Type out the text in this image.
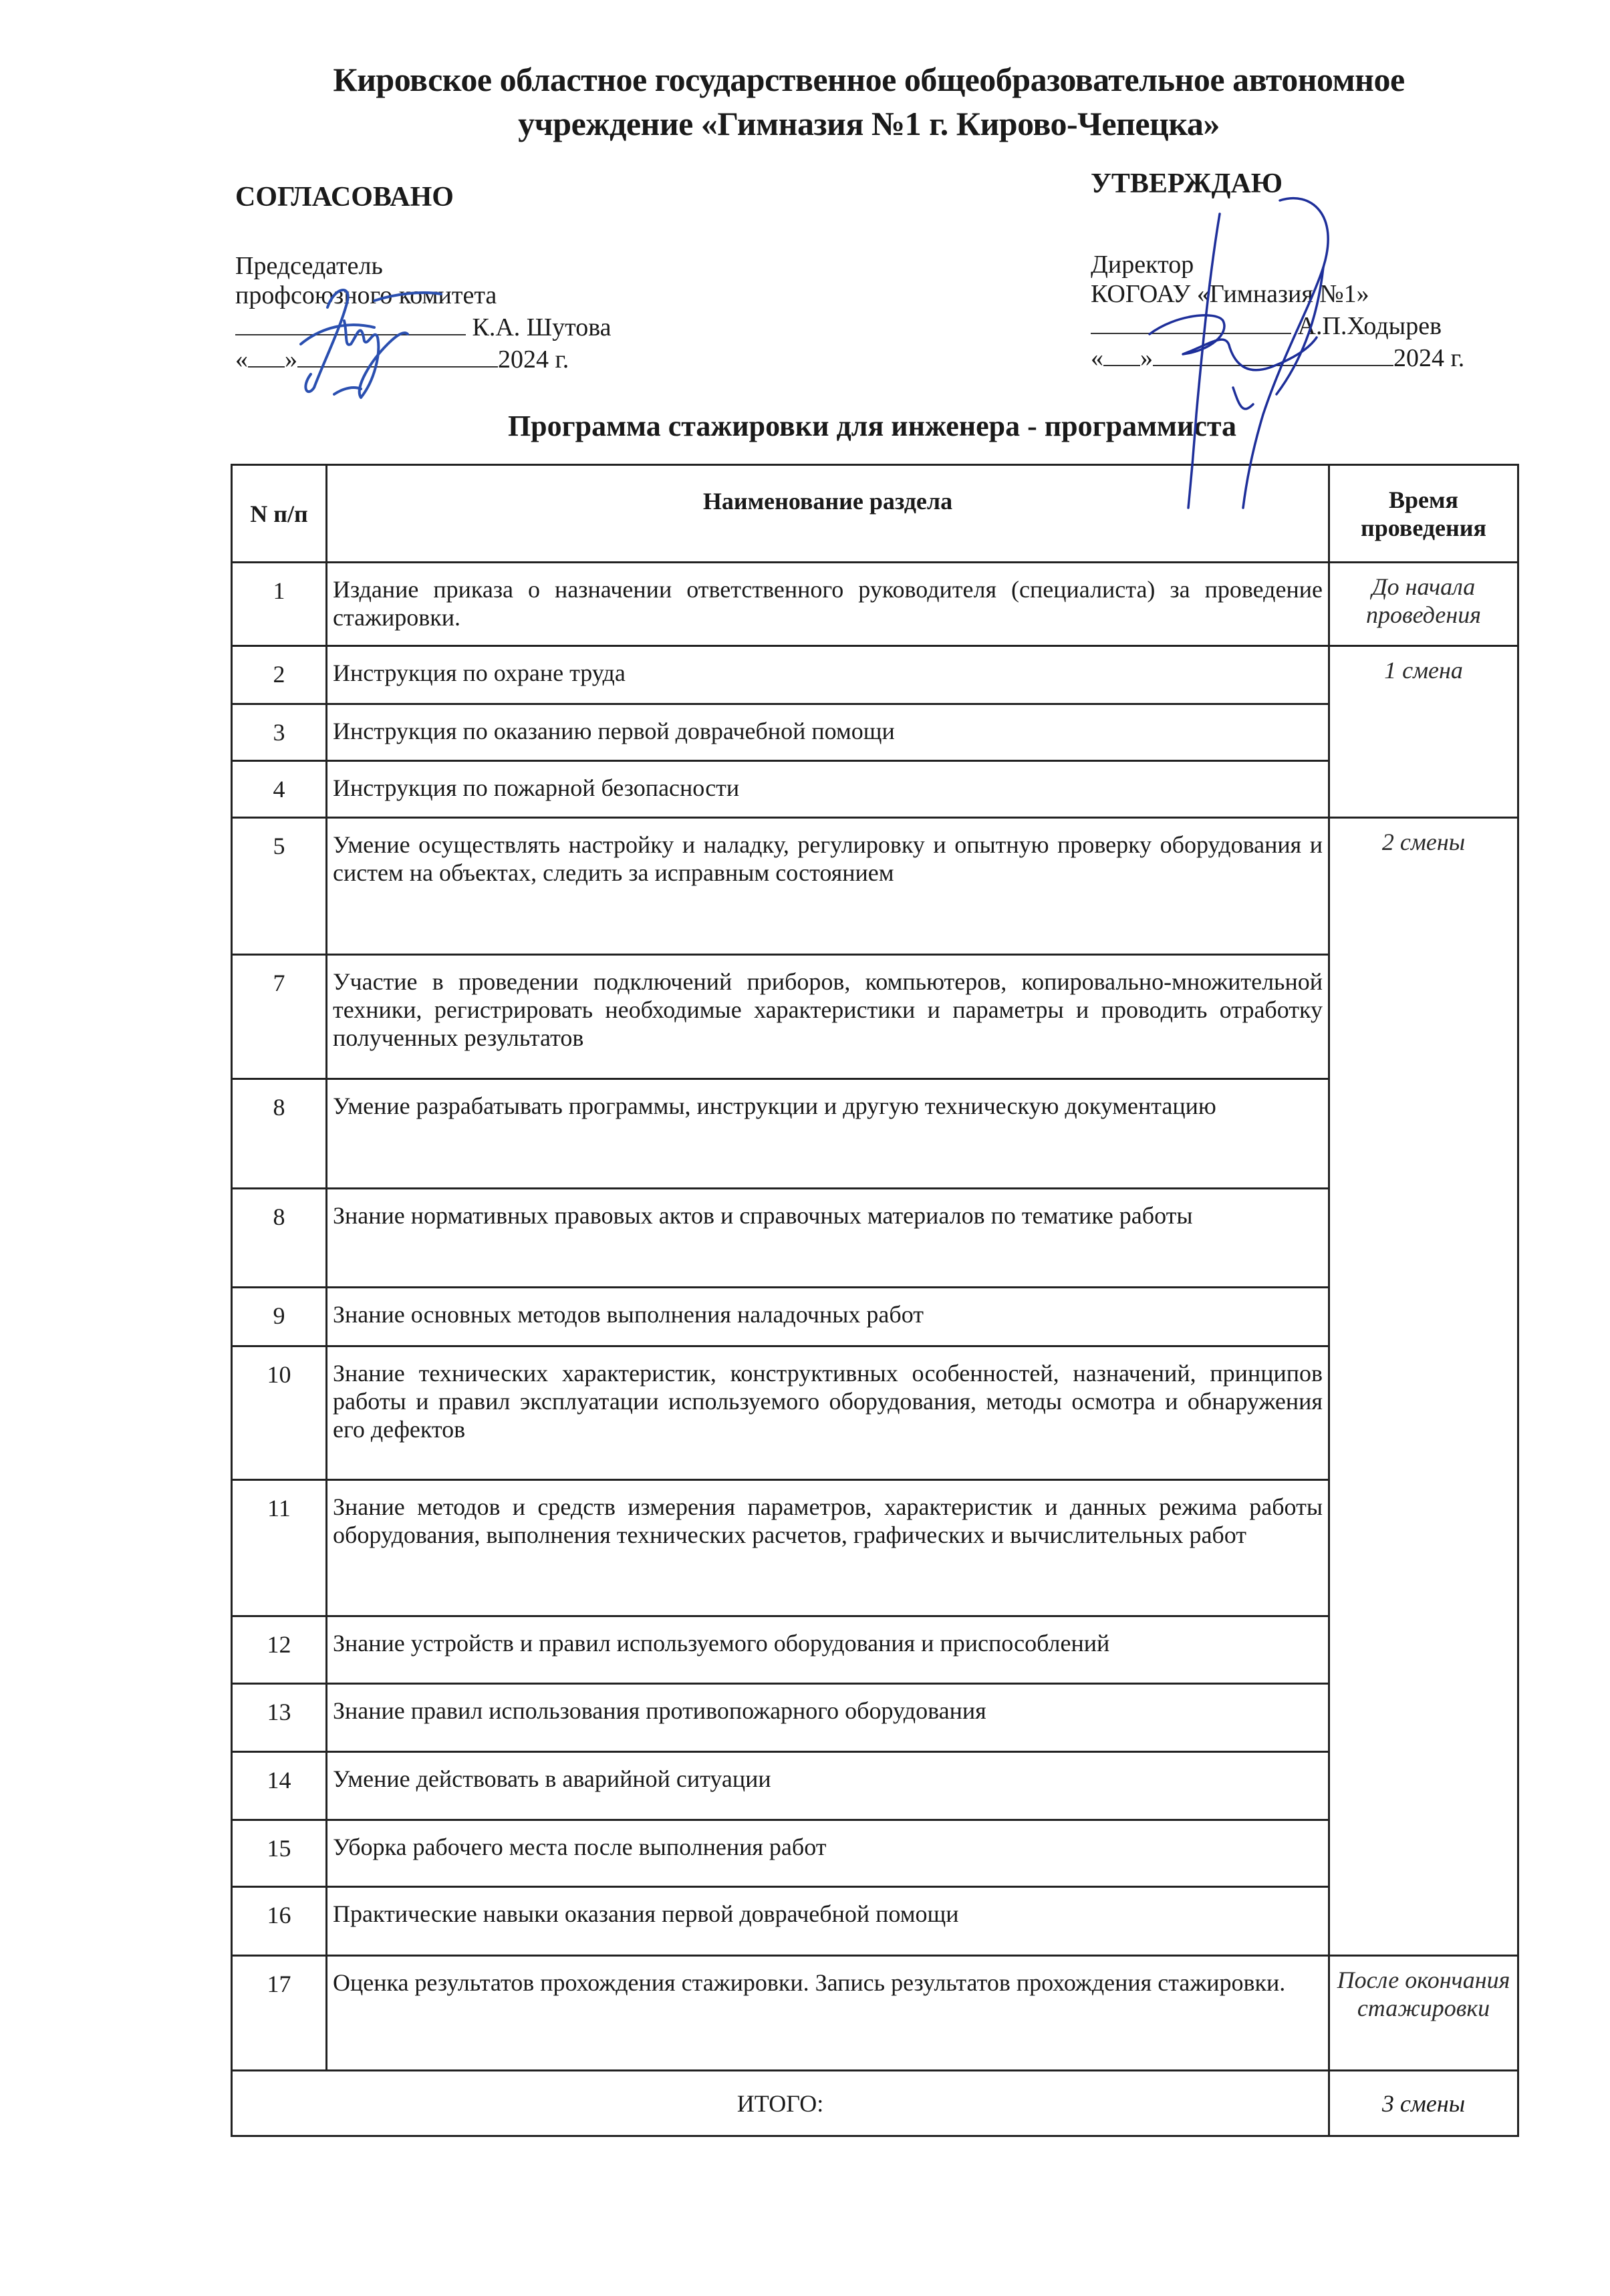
Кировское областное государственное общеобразовательное автономное
учреждение «Гимназия №1 г. Кирово-Чепецка»
СОГЛАСОВАНО
Председатель
профсоюзного комитета
К.А. Шутова
« »	2024 г.
УТВЕРЖДАЮ
Директор
КОГОАУ «Гимназия №1»
А.П.Ходырев
« »	2024 г.
Программа стажировки для инженера - программиста
N п/п	Наименование раздела	Время проведения
1	Издание приказа о назначении ответственного руководителя (специалиста) за проведение стажировки.	До начала проведения
2	Инструкция по охране труда	1 смена
3	Инструкция по оказанию первой доврачебной помощи	
4	Инструкция по пожарной безопасности	
5	Умение осуществлять настройку и наладку, регулировку и опытную проверку оборудования и систем на объектах, следить за исправным состоянием	2 смены
7	Участие в проведении подключений приборов, компьютеров, копировально-множительной техники, регистрировать необходимые характеристики и параметры и проводить отработку полученных результатов	
8	Умение разрабатывать программы, инструкции и другую техническую документацию	
8	Знание нормативных правовых актов и справочных материалов по тематике работы	
9	Знание основных методов выполнения наладочных работ	
10	Знание технических характеристик, конструктивных особенностей, назначений, принципов работы и правил эксплуатации используемого оборудования, методы осмотра и обнаружения его дефектов	
11	Знание методов и средств измерения параметров, характеристик и данных режима работы оборудования, выполнения технических расчетов, графических и вычислительных работ	
12	Знание устройств и правил используемого оборудования и приспособлений	
13	Знание правил использования противопожарного оборудования	
14	Умение действовать в аварийной ситуации	
15	Уборка рабочего места после выполнения работ	
16	Практические навыки оказания первой доврачебной помощи	
17	Оценка результатов прохождения стажировки. Запись результатов прохождения стажировки.	После окончания стажировки
ИТОГО:		3 смены
